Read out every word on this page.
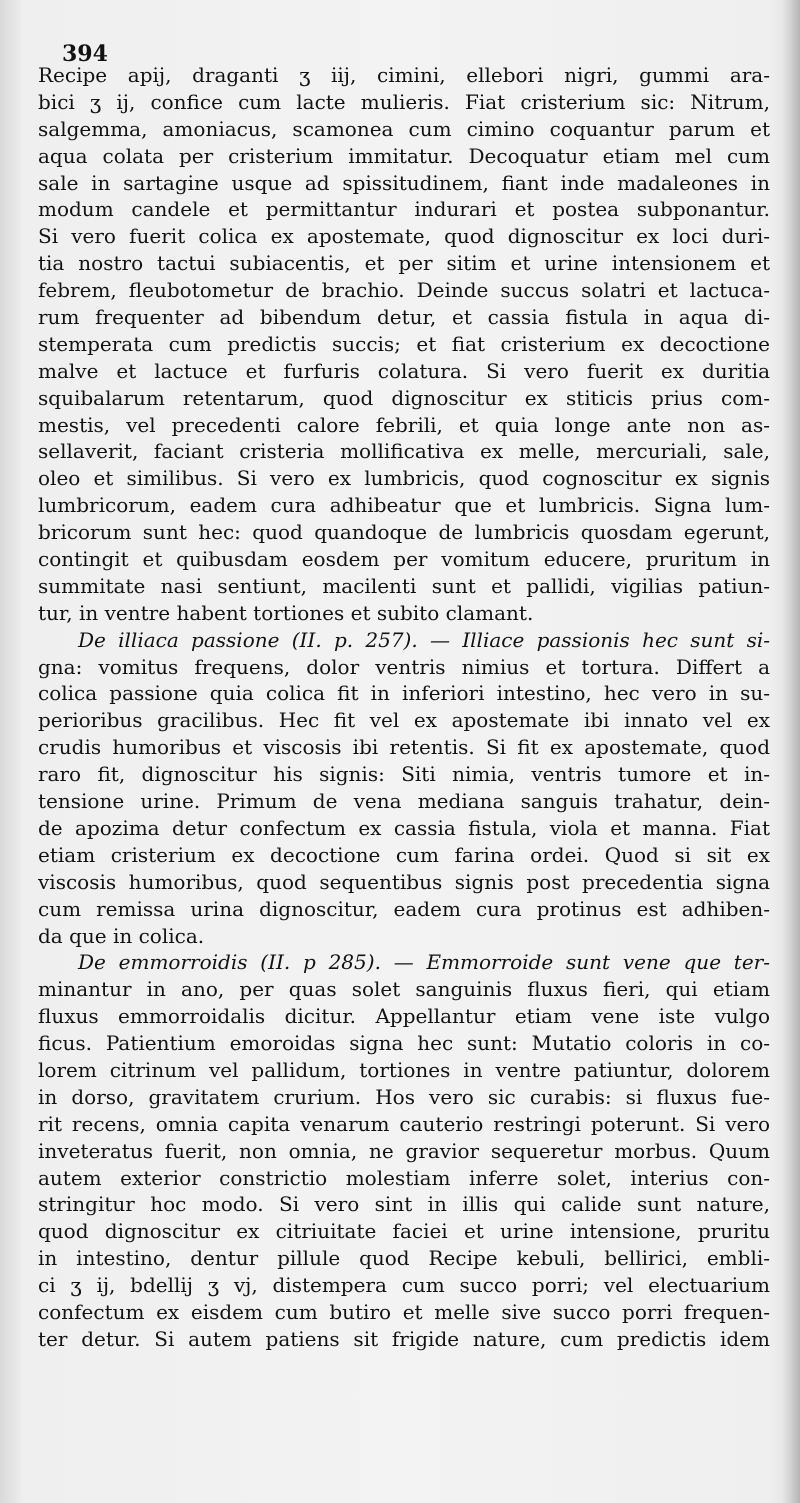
394
Recipe apij, draganti ʒ iij, cimini, ellebori nigri, gummi ara-
bici ʒ ij, confice cum lacte mulieris. Fiat cristerium sic: Nitrum,
salgemma, amoniacus, scamonea cum cimino coquantur parum et
aqua colata per cristerium immitatur. Decoquatur etiam mel cum
sale in sartagine usque ad spissitudinem, fiant inde madaleones in
modum candele et permittantur indurari et postea subponantur.
Si vero fuerit colica ex apostemate, quod dignoscitur ex loci duri-
tia nostro tactui subiacentis, et per sitim et urine intensionem et
febrem, fleubotometur de brachio. Deinde succus solatri et lactuca-
rum frequenter ad bibendum detur, et cassia fistula in aqua di-
stemperata cum predictis succis; et fiat cristerium ex decoctione
malve et lactuce et furfuris colatura. Si vero fuerit ex duritia
squibalarum retentarum, quod dignoscitur ex stiticis prius com-
mestis, vel precedenti calore febrili, et quia longe ante non as-
sellaverit, faciant cristeria mollificativa ex melle, mercuriali, sale,
oleo et similibus. Si vero ex lumbricis, quod cognoscitur ex signis
lumbricorum, eadem cura adhibeatur que et lumbricis. Signa lum-
bricorum sunt hec: quod quandoque de lumbricis quosdam egerunt,
contingit et quibusdam eosdem per vomitum educere, pruritum in
summitate nasi sentiunt, macilenti sunt et pallidi, vigilias patiun-
tur, in ventre habent tortiones et subito clamant.
De illiaca passione (II. p. 257). — Illiace passionis hec sunt si-
gna: vomitus frequens, dolor ventris nimius et tortura. Differt a
colica passione quia colica fit in inferiori intestino, hec vero in su-
perioribus gracilibus. Hec fit vel ex apostemate ibi innato vel ex
crudis humoribus et viscosis ibi retentis. Si fit ex apostemate, quod
raro fit, dignoscitur his signis: Siti nimia, ventris tumore et in-
tensione urine. Primum de vena mediana sanguis trahatur, dein-
de apozima detur confectum ex cassia fistula, viola et manna. Fiat
etiam cristerium ex decoctione cum farina ordei. Quod si sit ex
viscosis humoribus, quod sequentibus signis post precedentia signa
cum remissa urina dignoscitur, eadem cura protinus est adhiben-
da que in colica.
De emmorroidis (II. p 285). — Emmorroide sunt vene que ter-
minantur in ano, per quas solet sanguinis fluxus fieri, qui etiam
fluxus emmorroidalis dicitur. Appellantur etiam vene iste vulgo
ficus. Patientium emoroidas signa hec sunt: Mutatio coloris in co-
lorem citrinum vel pallidum, tortiones in ventre patiuntur, dolorem
in dorso, gravitatem crurium. Hos vero sic curabis: si fluxus fue-
rit recens, omnia capita venarum cauterio restringi poterunt. Si vero
inveteratus fuerit, non omnia, ne gravior sequeretur morbus. Quum
autem exterior constrictio molestiam inferre solet, interius con-
stringitur hoc modo. Si vero sint in illis qui calide sunt nature,
quod dignoscitur ex citriuitate faciei et urine intensione, pruritu
in intestino, dentur pillule quod Recipe kebuli, bellirici, embli-
ci ʒ ij, bdellij ʒ vj, distempera cum succo porri; vel electuarium
confectum ex eisdem cum butiro et melle sive succo porri frequen-
ter detur. Si autem patiens sit frigide nature, cum predictis idem
